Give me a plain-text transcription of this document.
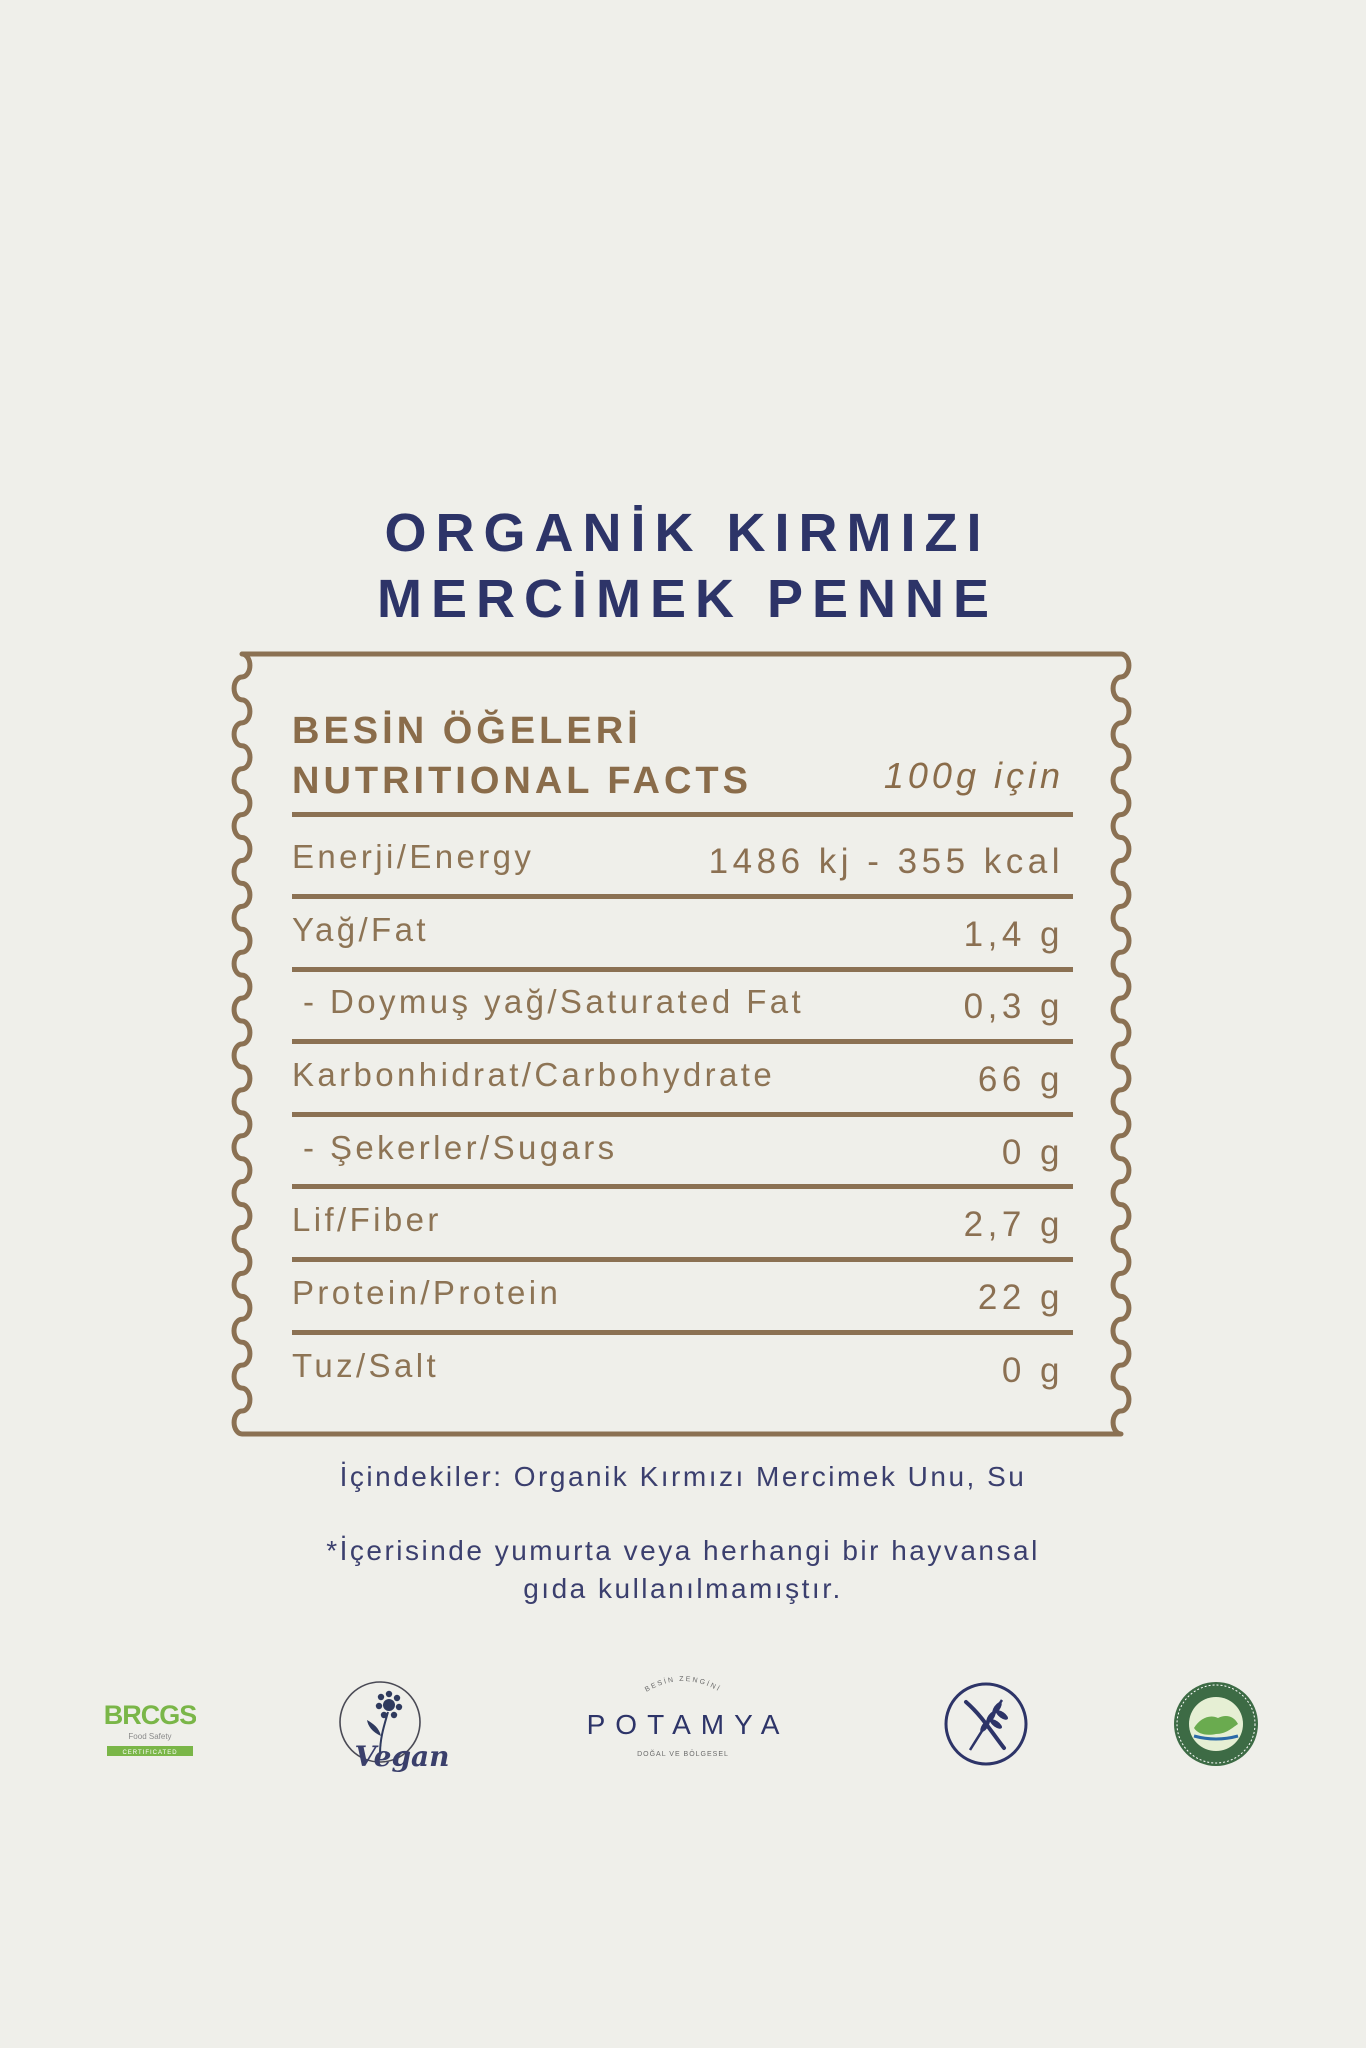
ORGANİK KIRMIZI
MERCİMEK PENNE
BESİN ÖĞELERİ
NUTRITIONAL FACTS	100g için
Enerji/Energy	1486 kj - 355 kcal
Yağ/Fat	1,4 g
- Doymuş yağ/Saturated Fat	0,3 g
Karbonhidrat/Carbohydrate	66 g
- Şekerler/Sugars	0 g
Lif/Fiber	2,7 g
Protein/Protein	22 g
Tuz/Salt	0 g
İçindekiler: Organik Kırmızı Mercimek Unu, Su
*İçerisinde yumurta veya herhangi bir hayvansal
gıda kullanılmamıştır.
BRCGS
Food Safety
CERTIFICATED	Vegan
BESİN ZENGİNİ
POTAMYA
DOĞAL VE BÖLGESEL
